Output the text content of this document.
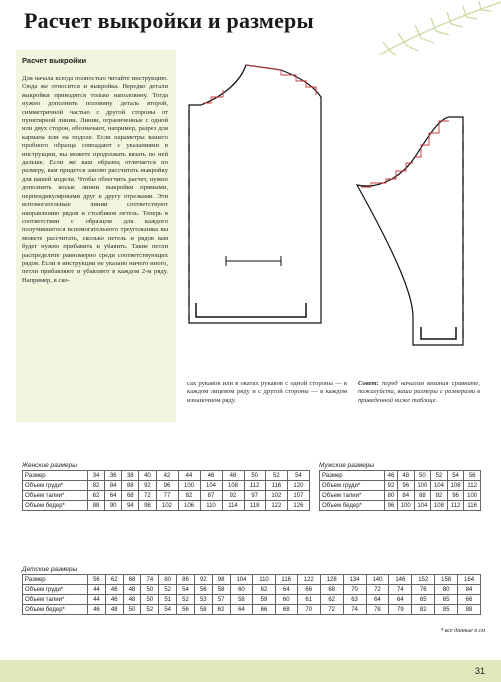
Расчет выкройки и размеры
Расчет выкройки
Для начала всегда полностью читайте инструкцию. Сюда же относится и выкройка. Нередко детали выкройки приводятся только наполовину. Тогда нужно дополнить половину деталь второй, симметричной частью с другой стороны от пунктирной линии. Линии, ограниченные с одной или двух сторон, обозначают, например, разрез для кармана или на подоле. Если параметры вашего пробного образца совпадают с указаниями в инструкции, вы можете продолжать вязать по ней дальше. Если же ваш образец отличается по размеру, вам придется заново рассчитать выкройку для вашей модели. Чтобы облегчить расчет, нужно дополнить косые линии выкройки прямыми, перпендикулярными друг к другу отрезками. Эти вспомогательные линии соответствуют направлению рядов и столбиков петель. Теперь в соответствии с образцом для каждого получившегося вспомогательного треугольника вы можете рассчитать, сколько петель и рядов вам будет нужно прибавить и убавить. Такие петли распределите равномерно среди соответствующих рядов. Если в инструкции не указано ничего иного, петли прибавляют и убавляют в каждом 2-м ряду. Например, в ско-
сах рукавов или в окатах рукавов с одной стороны — в каждом лицевом ряду и с другой стороны — в каждом изнаночном ряду.
Совет: перед началом вязания сравните, пожалуйста, ваши размеры с размерами в приведенной ниже таблице.
Женские размеры
Размер	34	36	38	40	42	44	46	48	50	52	54
Объем груди*	82	84	88	92	96	100	104	108	112	116	120
Объем талии*	62	64	68	72	77	82	87	92	97	102	107
Объем бедер*	88	90	94	98	102	106	110	114	118	122	126
Мужские размеры
Размер	46	48	50	52	54	56
Объем груди*	92	96	100	104	108	112
Объем талии*	80	84	88	92	96	100
Объем бедер*	96	100	104	108	112	116
Детские размеры
Размер	56	62	68	74	80	86	92	98	104	110	116	122	128	134	140	146	152	158	164
Объем груди*	44	46	48	50	52	54	56	58	60	62	64	66	68	70	72	74	76	80	84
Объем талии*	44	46	48	50	51	52	53	57	58	59	60	61	62	63	64	64	65	65	66
Объем бедер*	46	48	50	52	54	56	58	62	64	66	68	70	72	74	78	79	82	85	88
* все данные в см
31
